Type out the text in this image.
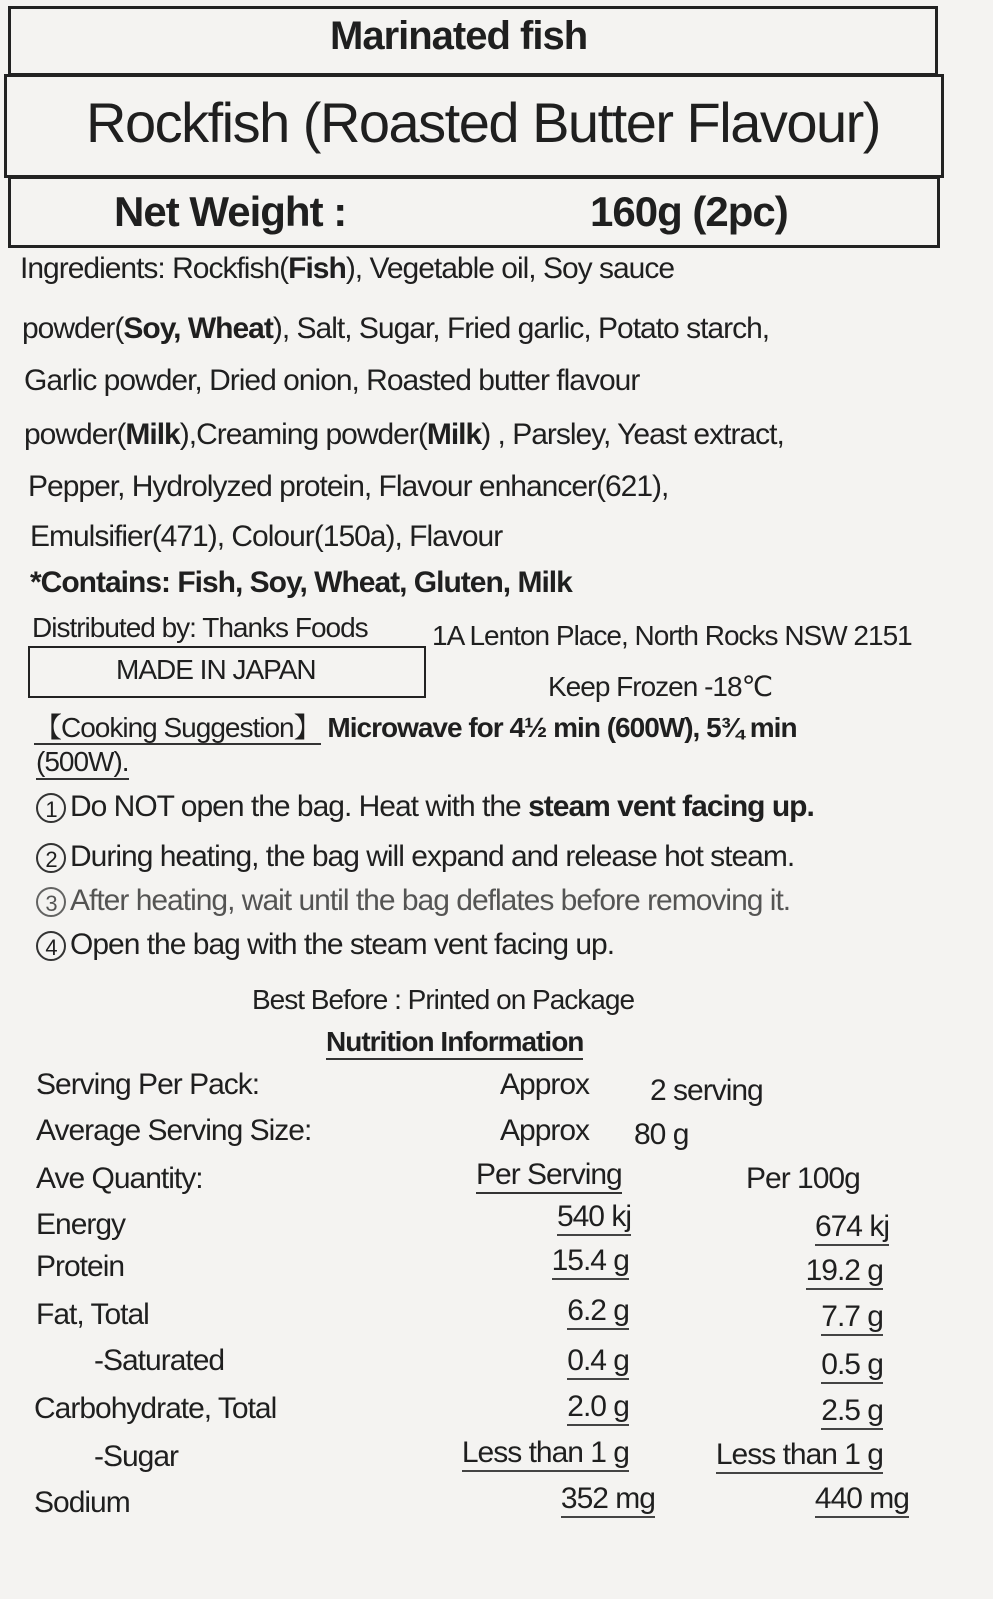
Marinated fish
Rockfish (Roasted Butter Flavour)
Net Weight :	160g (2pc)
Ingredients: Rockfish(Fish), Vegetable oil, Soy sauce
powder(Soy, Wheat), Salt, Sugar, Fried garlic, Potato starch,
Garlic powder, Dried onion, Roasted butter flavour
powder(Milk),Creaming powder(Milk) , Parsley, Yeast extract,
Pepper, Hydrolyzed protein, Flavour enhancer(621),
Emulsifier(471), Colour(150a), Flavour
*Contains: Fish, Soy, Wheat, Gluten, Milk
Distributed by: Thanks Foods 1A Lenton Place, North Rocks NSW 2151
MADE IN JAPAN
Keep Frozen -18℃
【Cooking Suggestion】 Microwave for 4½ min (600W), 5¾ min
(500W).
1 Do NOT open the bag. Heat with the steam vent facing up.
2 During heating, the bag will expand and release hot steam.
3 After heating, wait until the bag deflates before removing it.
4 Open the bag with the steam vent facing up.
Best Before : Printed on Package
Nutrition Information
Serving Per Pack:	Approx 2 serving
Average Serving Size:	Approx 80 g
Ave Quantity:	Per Serving	Per 100g
Energy	540 kj	674 kj
Protein	15.4 g	19.2 g
Fat, Total	6.2 g	7.7 g
-Saturated	0.4 g	0.5 g
Carbohydrate, Total	2.0 g	2.5 g
-Sugar	Less than 1 g	Less than 1 g
Sodium	352 mg	440 mg
